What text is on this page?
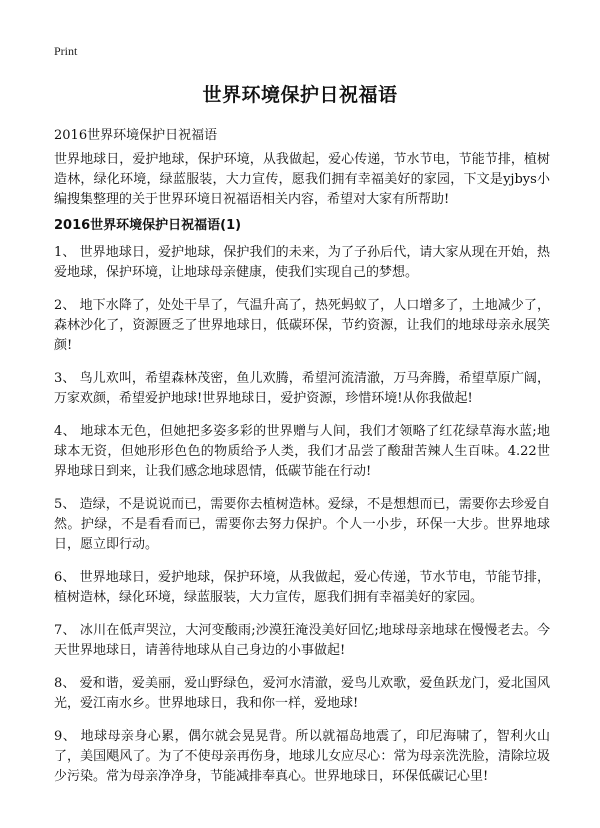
Print
世界环境保护日祝福语
2016世界环境保护日祝福语

世界地球日，爱护地球，保护环境，从我做起，爱心传递，节水节电，节能节排，植树造林，绿化环境，绿蓝服装，大力宣传，愿我们拥有幸福美好的家园，下文是yjbys小编搜集整理的关于世界环境日祝福语相关内容，希望对大家有所帮助!

2016世界环境保护日祝福语(1)

1、 世界地球日，爱护地球，保护我们的未来，为了子孙后代，请大家从现在开始，热爱地球，保护环境，让地球母亲健康，使我们实现自己的梦想。

2、 地下水降了，处处干旱了，气温升高了，热死蚂蚁了，人口增多了，土地减少了，森林沙化了，资源匮乏了世界地球日，低碳环保，节约资源，让我们的地球母亲永展笑颜!

3、 鸟儿欢叫，希望森林茂密，鱼儿欢腾，希望河流清澈，万马奔腾，希望草原广阔，万家欢颜，希望爱护地球!世界地球日，爱护资源，珍惜环境!从你我做起!

4、 地球本无色，但她把多姿多彩的世界赠与人间，我们才领略了红花绿草海水蓝;地球本无资，但她形形色色的物质给予人类，我们才品尝了酸甜苦辣人生百味。4.22世界地球日到来，让我们感念地球恩情，低碳节能在行动!

5、 造绿，不是说说而已，需要你去植树造林。爱绿，不是想想而已，需要你去珍爱自然。护绿，不是看看而已，需要你去努力保护。个人一小步，环保一大步。世界地球日，愿立即行动。

6、 世界地球日，爱护地球，保护环境，从我做起，爱心传递，节水节电，节能节排，植树造林，绿化环境，绿蓝服装，大力宣传，愿我们拥有幸福美好的家园。

7、 冰川在低声哭泣，大河变酸雨;沙漠狂淹没美好回忆;地球母亲地球在慢慢老去。今天世界地球日，请善待地球从自己身边的小事做起!

8、 爱和谐，爱美丽，爱山野绿色，爱河水清澈，爱鸟儿欢歌，爱鱼跃龙门，爱北国风光，爱江南水乡。世界地球日，我和你一样，爱地球!

9、 地球母亲身心累，偶尔就会晃晃背。所以就福岛地震了，印尼海啸了，智利火山了，美国飓风了。为了不使母亲再伤身，地球儿女应尽心：常为母亲洗洗脸，清除垃圾少污染。常为母亲净净身，节能减排奉真心。世界地球日，环保低碳记心里!
